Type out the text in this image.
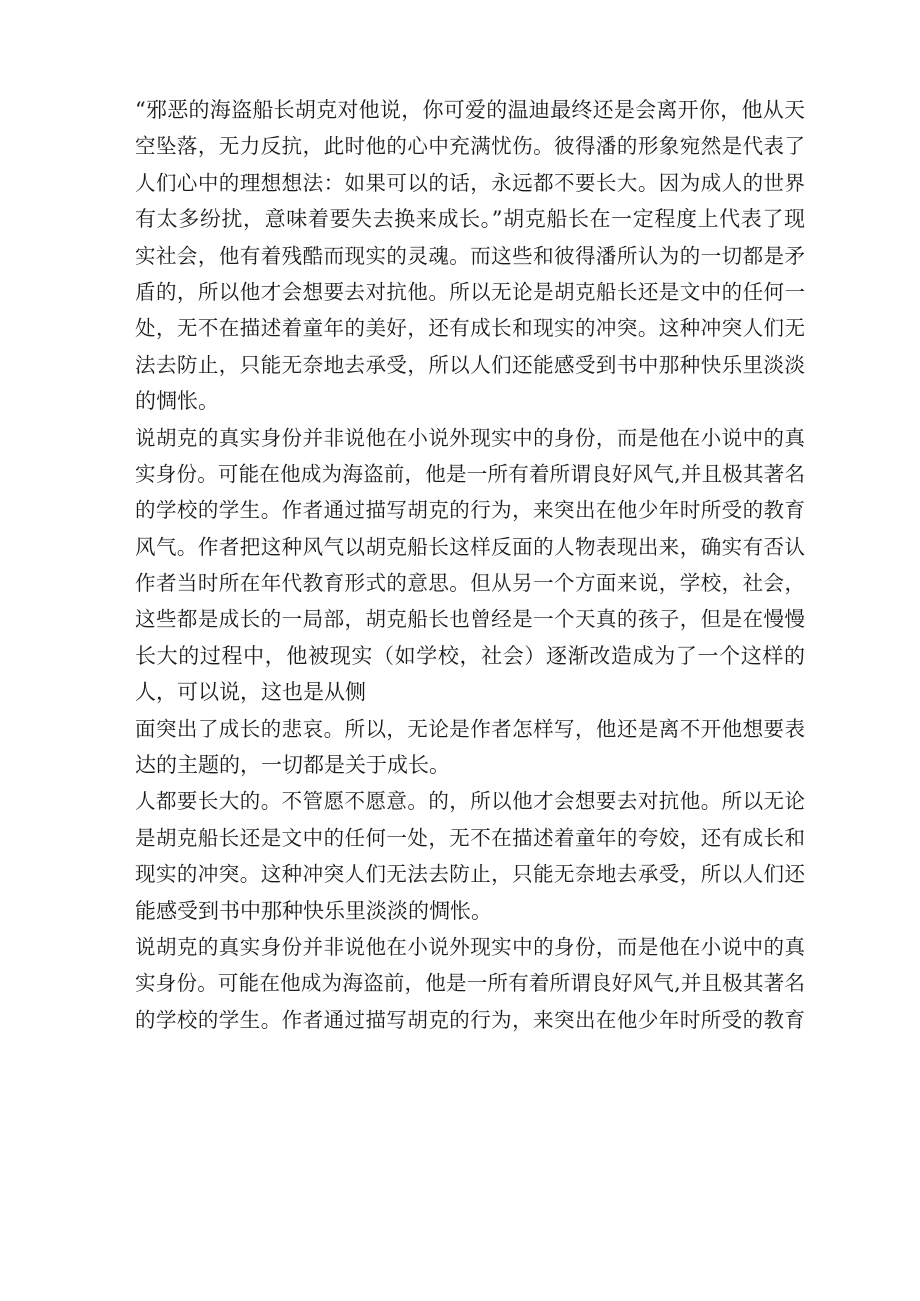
“邪恶的海盗船长胡克对他说，你可爱的温迪最终还是会离开你，他从天
空坠落，无力反抗，此时他的心中充满忧伤。彼得潘的形象宛然是代表了
人们心中的理想想法：如果可以的话，永远都不要长大。因为成人的世界
有太多纷扰，意味着要失去换来成长。”胡克船长在一定程度上代表了现
实社会，他有着残酷而现实的灵魂。而这些和彼得潘所认为的一切都是矛
盾的，所以他才会想要去对抗他。所以无论是胡克船长还是文中的任何一
处，无不在描述着童年的美好，还有成长和现实的冲突。这种冲突人们无
法去防止，只能无奈地去承受，所以人们还能感受到书中那种快乐里淡淡
的惆怅。
说胡克的真实身份并非说他在小说外现实中的身份，而是他在小说中的真
实身份。可能在他成为海盗前，他是一所有着所谓良好风气,并且极其著名
的学校的学生。作者通过描写胡克的行为，来突出在他少年时所受的教育
风气。作者把这种风气以胡克船长这样反面的人物表现出来，确实有否认
作者当时所在年代教育形式的意思。但从另一个方面来说，学校，社会，
这些都是成长的一局部，胡克船长也曾经是一个天真的孩子，但是在慢慢
长大的过程中，他被现实（如学校，社会）逐渐改造成为了一个这样的
人，可以说，这也是从侧
面突出了成长的悲哀。所以，无论是作者怎样写，他还是离不开他想要表
达的主题的，一切都是关于成长。
人都要长大的。不管愿不愿意。的，所以他才会想要去对抗他。所以无论
是胡克船长还是文中的任何一处，无不在描述着童年的夸姣，还有成长和
现实的冲突。这种冲突人们无法去防止，只能无奈地去承受，所以人们还
能感受到书中那种快乐里淡淡的惆怅。
说胡克的真实身份并非说他在小说外现实中的身份，而是他在小说中的真
实身份。可能在他成为海盗前，他是一所有着所谓良好风气,并且极其著名
的学校的学生。作者通过描写胡克的行为，来突出在他少年时所受的教育
